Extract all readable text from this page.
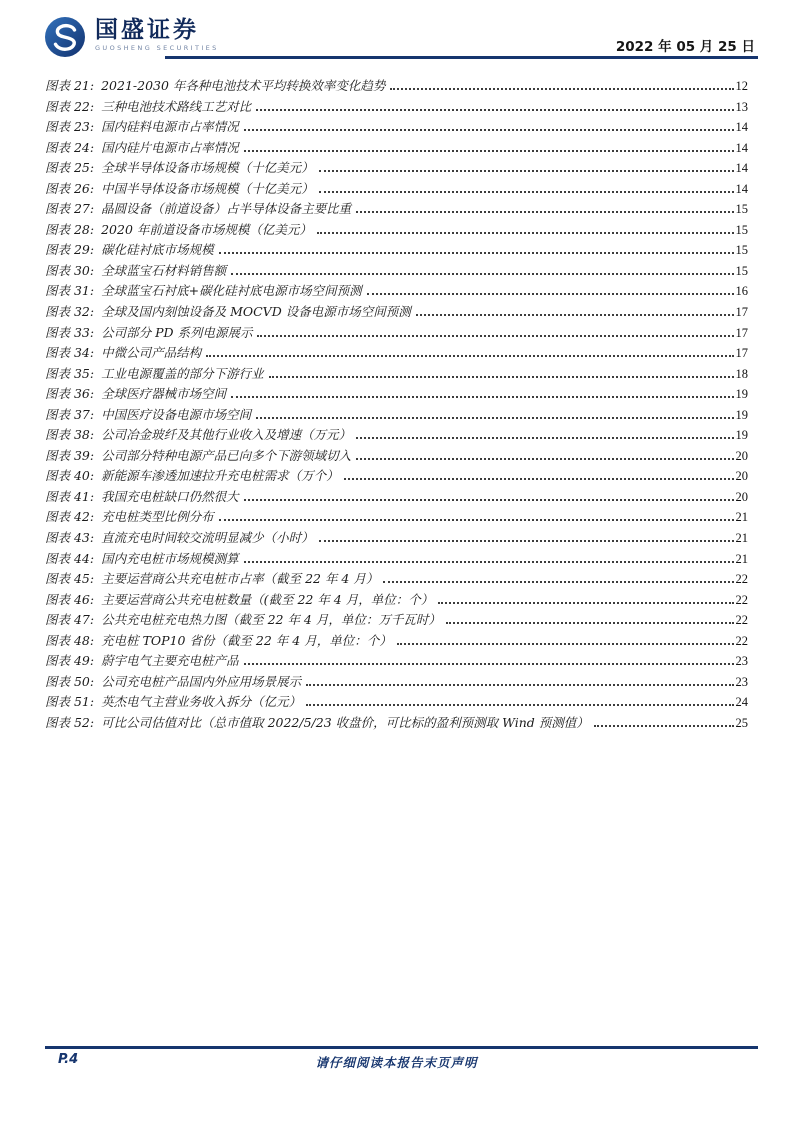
国盛证券
GUOSHENG SECURITIES	2022 年 05 月 25 日
图表 21: 2021-2030 年各种电池技术平均转换效率变化趋势	12
图表 22: 三种电池技术路线工艺对比	13
图表 23: 国内硅料电源市占率情况	14
图表 24: 国内硅片电源市占率情况	14
图表 25: 全球半导体设备市场规模（十亿美元）	14
图表 26: 中国半导体设备市场规模（十亿美元）	14
图表 27: 晶圆设备（前道设备）占半导体设备主要比重	15
图表 28: 2020 年前道设备市场规模（亿美元）	15
图表 29: 碳化硅衬底市场规模	15
图表 30: 全球蓝宝石材料销售额	15
图表 31: 全球蓝宝石衬底+碳化硅衬底电源市场空间预测	16
图表 32: 全球及国内刻蚀设备及 MOCVD 设备电源市场空间预测	17
图表 33: 公司部分 PD 系列电源展示	17
图表 34: 中微公司产品结构	17
图表 35: 工业电源覆盖的部分下游行业	18
图表 36: 全球医疗器械市场空间	19
图表 37: 中国医疗设备电源市场空间	19
图表 38: 公司冶金玻纤及其他行业收入及增速（万元）	19
图表 39: 公司部分特种电源产品已向多个下游领域切入	20
图表 40: 新能源车渗透加速拉升充电桩需求（万个）	20
图表 41: 我国充电桩缺口仍然很大	20
图表 42: 充电桩类型比例分布	21
图表 43: 直流充电时间较交流明显减少（小时）	21
图表 44: 国内充电桩市场规模测算	21
图表 45: 主要运营商公共充电桩市占率（截至 22 年 4 月）	22
图表 46: 主要运营商公共充电桩数量（(截至 22 年 4 月，单位：个）	22
图表 47: 公共充电桩充电热力图（截至 22 年 4 月，单位：万千瓦时）	22
图表 48: 充电桩 TOP10 省份（截至 22 年 4 月，单位：个）	22
图表 49: 蔚宇电气主要充电桩产品	23
图表 50: 公司充电桩产品国内外应用场景展示	23
图表 51: 英杰电气主营业务收入拆分（亿元）	24
图表 52: 可比公司估值对比（总市值取 2022/5/23 收盘价，可比标的盈利预测取 Wind 预测值）	25
P.4	请仔细阅读本报告末页声明
